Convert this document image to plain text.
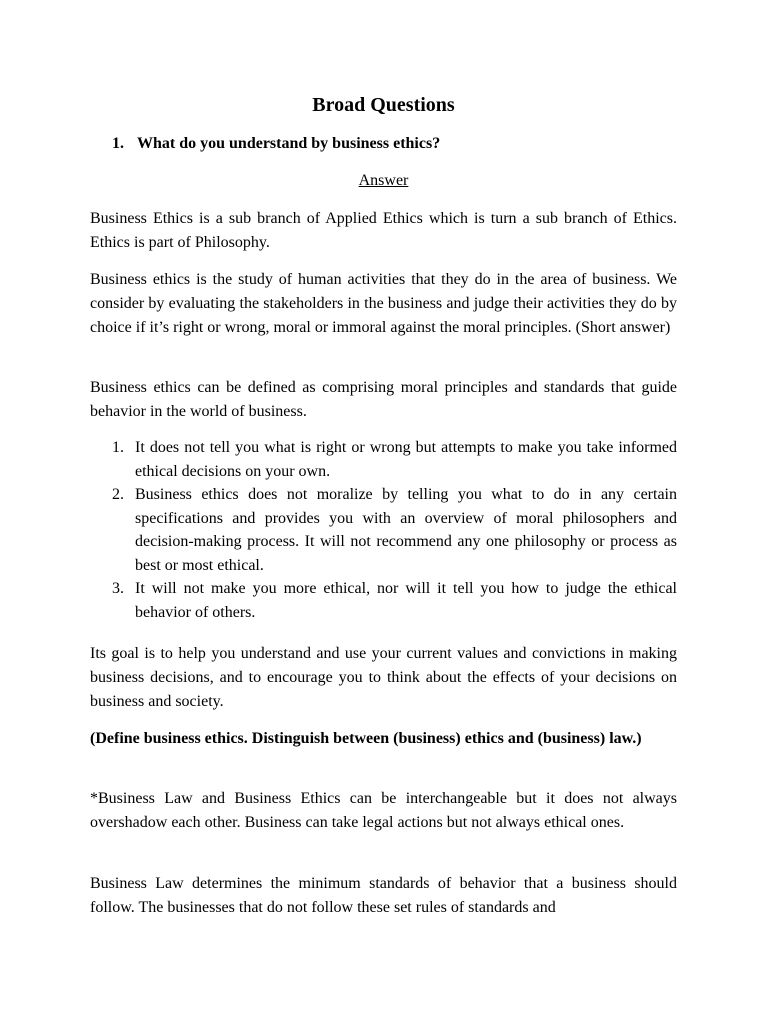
Broad Questions

1. What do you understand by business ethics?

Answer

Business Ethics is a sub branch of Applied Ethics which is turn a sub branch of Ethics. Ethics is part of Philosophy.

Business ethics is the study of human activities that they do in the area of business. We consider by evaluating the stakeholders in the business and judge their activities they do by choice if it’s right or wrong, moral or immoral against the moral principles. (Short answer)

Business ethics can be defined as comprising moral principles and standards that guide behavior in the world of business.

1. It does not tell you what is right or wrong but attempts to make you take informed ethical decisions on your own.
2. Business ethics does not moralize by telling you what to do in any certain specifications and provides you with an overview of moral philosophers and decision-making process. It will not recommend any one philosophy or process as best or most ethical.
3. It will not make you more ethical, nor will it tell you how to judge the ethical behavior of others.

Its goal is to help you understand and use your current values and convictions in making business decisions, and to encourage you to think about the effects of your decisions on business and society.

(Define business ethics. Distinguish between (business) ethics and (business) law.)

*Business Law and Business Ethics can be interchangeable but it does not always overshadow each other. Business can take legal actions but not always ethical ones.

Business Law determines the minimum standards of behavior that a business should follow. The businesses that do not follow these set rules of standards and
